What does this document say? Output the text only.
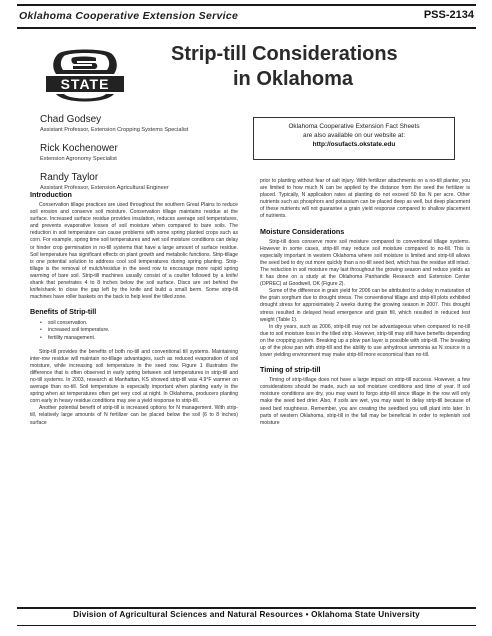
Oklahoma Cooperative Extension Service	PSS-2134
STATE
Strip-till Considerations
in Oklahoma
Chad Godsey
Assistant Professor, Extension Cropping Systems Specialist
Rick Kochenower
Extension Agronomy Specialist
Randy Taylor
Assistant Professor, Extension Agricultural Engineer
Oklahoma Cooperative Extension Fact Sheets
are also available on our website at:
http://osufacts.okstate.edu
Introduction

Conservation tillage practices are used throughout the southern Great Plains to reduce soil erosion and conserve soil moisture. Conservation tillage maintains residue at the surface. Increased surface residue provides insulation, reduces average soil temperatures, and prevents evaporative losses of soil moisture when compared to bare soils. The reduction in soil temperature can cause problems with some spring planted crops such as corn. For example, spring time soil temperatures and wet soil moisture conditions can delay or hinder crop germination in no-till systems that have a large amount of surface residue. Soil temperature has significant effects on plant growth and metabolic functions. Strip-tillage is one potential solution to address cool soil temperatures during spring planting. Strip-tillage is the removal of mulch/residue in the seed row to encourage more rapid spring warming of bare soil. Strip-till machines usually consist of a coulter followed by a knife/ shank that penetrates 4 to 8 inches below the soil surface. Discs are set behind the knife/shank to close the gap left by the knife and build a small berm. Some strip-till machines have roller baskets on the back to help level the tilled zone.

Benefits of Strip-till
• soil conservation.
• increased soil temperature.
• fertility management.

Strip-till provides the benefits of both no-till and conventional till systems. Maintaining inter-row residue will maintain no-tillage advantages, such as reduced evaporation of soil moisture, while increasing soil temperature in the seed row. Figure 1 illustrates the difference that is often observed in early spring between soil temperatures in strip-till and no-till systems. In 2003, research at Manhattan, KS showed strip-till was 4.9°F warmer on average than no-till. Soil temperature is especially important when planting early in the spring when air temperatures often get very cool at night. In Oklahoma, producers planting corn early in heavy residue conditions may see a yield response to strip-till.

Another potential benefit of strip-till is increased options for N management. With strip-till, relatively large amounts of N fertilizer can be placed below the soil (6 to 8 inches) surface

prior to planting without fear of salt injury. With fertilizer attachments on a no-till planter, you are limited to how much N can be applied by the distance from the seed the fertilizer is placed. Typically, N application rates at planting do not exceed 50 lbs N per acre. Other nutrients such as phosphors and potassium can be placed deep as well, but deep placement of these nutrients will not guarantee a grain yield response compared to shallow placement of nutrients.

Moisture Considerations

Strip-till does conserve more soil moisture compared to conventional tillage systems. However in some cases, strip-till may reduce soil moisture compared to no-till. This is especially important in western Oklahoma where soil moisture is limited and strip-till allows the seed bed to dry out more quickly than a no-till seed bed, which has the residue still intact. The reduction in soil moisture may last throughout the growing season and reduce yields as it has done on a study at the Oklahoma Panhandle Research and Extension Center (OPREC) at Goodwell, OK (Figure 2).

Some of the difference in grain yield for 2006 can be attributed to a delay in maturation of the grain sorghum due to drought stress. The conventional tillage and strip-till plots exhibited drought stress for approximately 2 weeks during the growing season in 2007. This drought stress resulted in delayed head emergence and grain fill, which resulted in reduced test weight (Table 1).

In dry years, such as 2006, strip-till may not be advantageous when compared to no-till due to soil moisture loss in the tilled strip. However, strip-till may still have benefits depending on the cropping system. Breaking up a plow pan layer is possible with strip-till. The breaking up of the plow pan with strip-till and the ability to use anhydrous ammonia as N source in a lower yielding environment may make strip-till more economical than no-till.

Timing of strip-till

Timing of strip-tillage does not have a large impact on strip-till success. However, a few considerations should be made, such as soil moisture conditions and time of year. If soil moisture conditions are dry, you may want to forgo strip-till since tillage in the row will only make the seed bed drier. Also, if soils are wet, you may want to delay strip-till because of seed bed roughness. Remember, you are creating the seedbed you will plant into later. In parts of western Oklahoma, strip-till in the fall may be beneficial in order to replenish soil moisture

Division of Agricultural Sciences and Natural Resources • Oklahoma State University
